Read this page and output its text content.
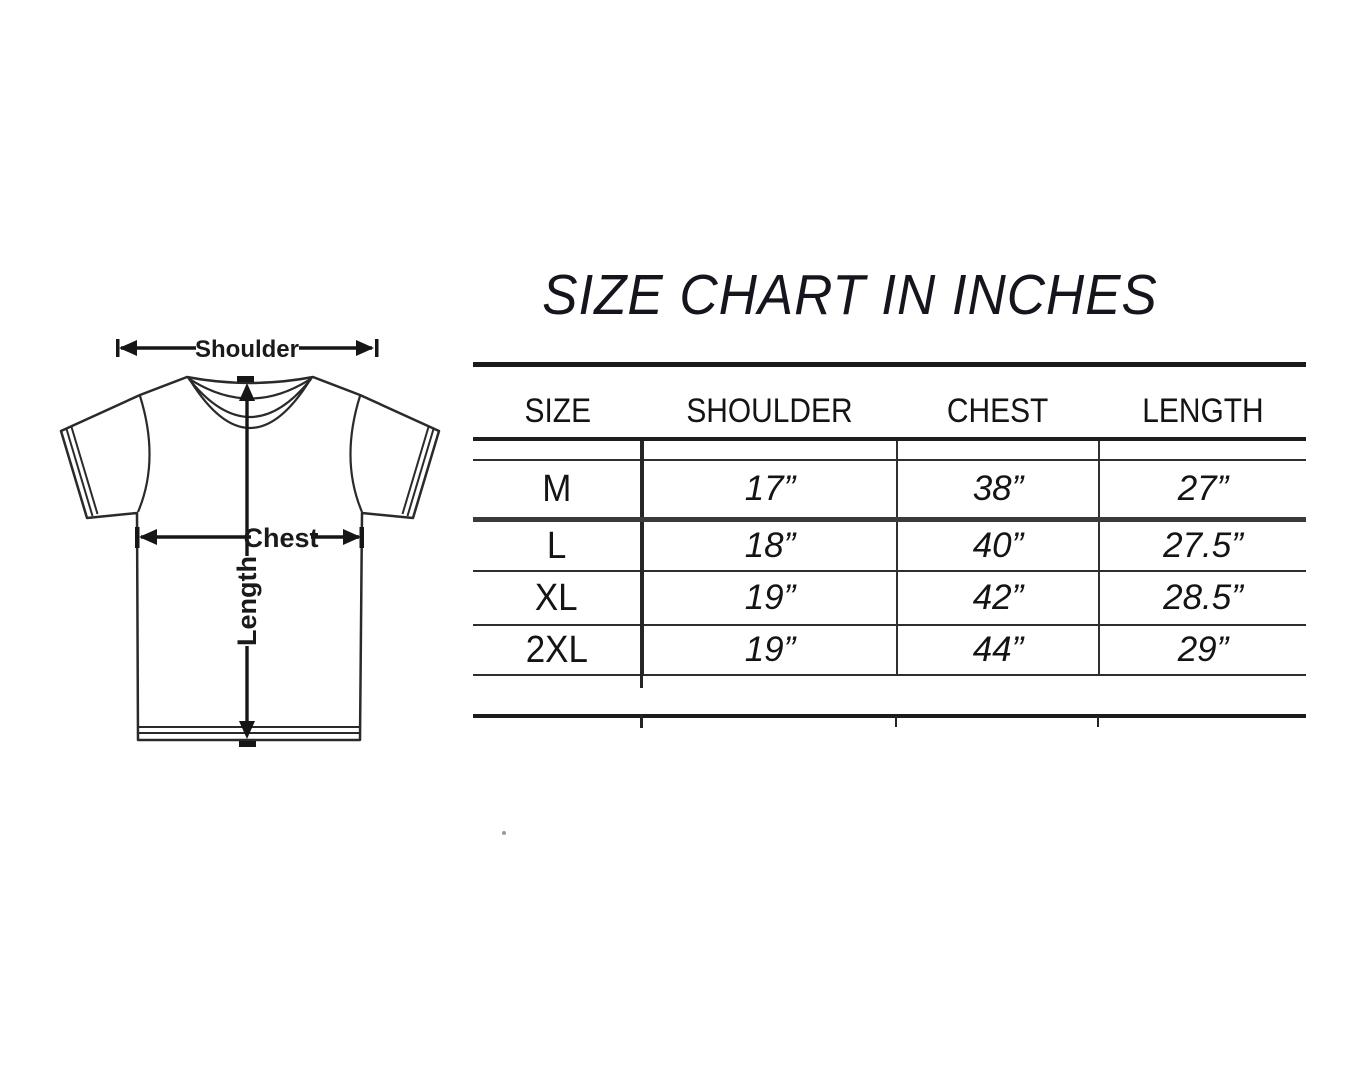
Shoulder
Length
Chest
SIZE CHART IN INCHES
SIZE	SHOULDER	CHEST	LENGTH

M	17”	38”	27”
L	18”	40”	27.5”
XL	19”	42”	28.5”
2XL	19”	44”	29”
